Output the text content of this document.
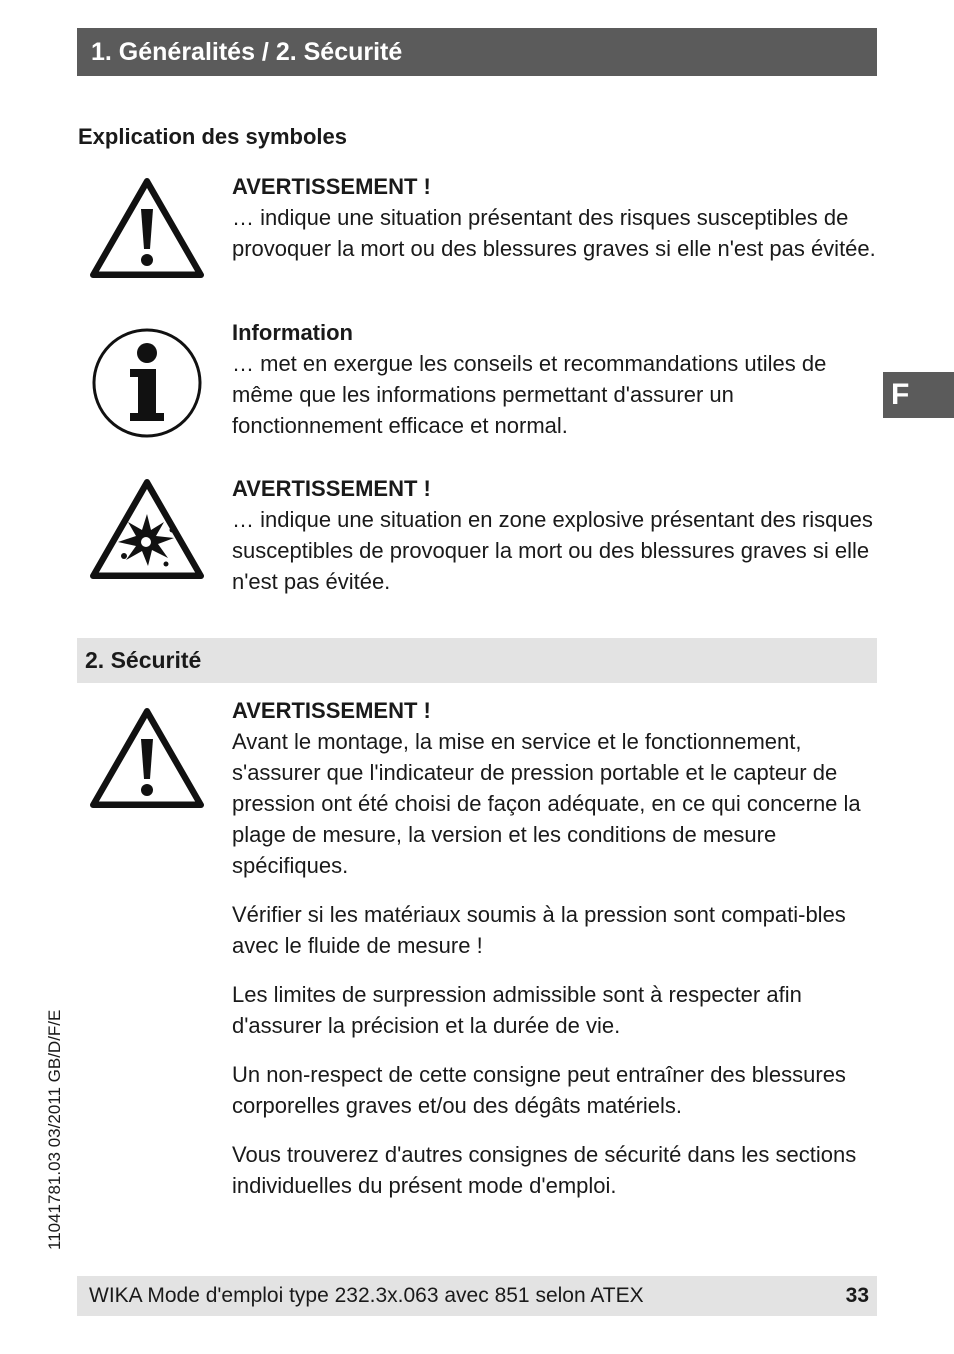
1. Généralités / 2. Sécurité
Explication des symboles
AVERTISSEMENT !

… indique une situation présentant des risques susceptibles de provoquer la mort ou des blessures graves si elle n'est pas évitée.

Information

… met en exergue les conseils et recommandations utiles de même que les informations permettant d'assurer un fonctionnement efficace et normal.

AVERTISSEMENT !

… indique une situation en zone explosive présentant des risques susceptibles de provoquer la mort ou des blessures graves si elle n'est pas évitée.

2. Sécurité
AVERTISSEMENT !

Avant le montage, la mise en service et le fonctionnement, s'assurer que l'indicateur de pression portable et le capteur de pression ont été choisi de façon adéquate, en ce qui concerne la plage de mesure, la version et les conditions de mesure spécifiques.

Vérifier si les matériaux soumis à la pression sont compati-bles avec le fluide de mesure !

Les limites de surpression admissible sont à respecter afin d'assurer la précision et la durée de vie.

Un non-respect de cette consigne peut entraîner des blessures corporelles graves et/ou des dégâts matériels.

Vous trouverez d'autres consignes de sécurité dans les sections individuelles du présent mode d'emploi.

F
11041781.03 03/2011 GB/D/F/E
WIKA Mode d'emploi type 232.3x.063 avec 851 selon ATEX	33
